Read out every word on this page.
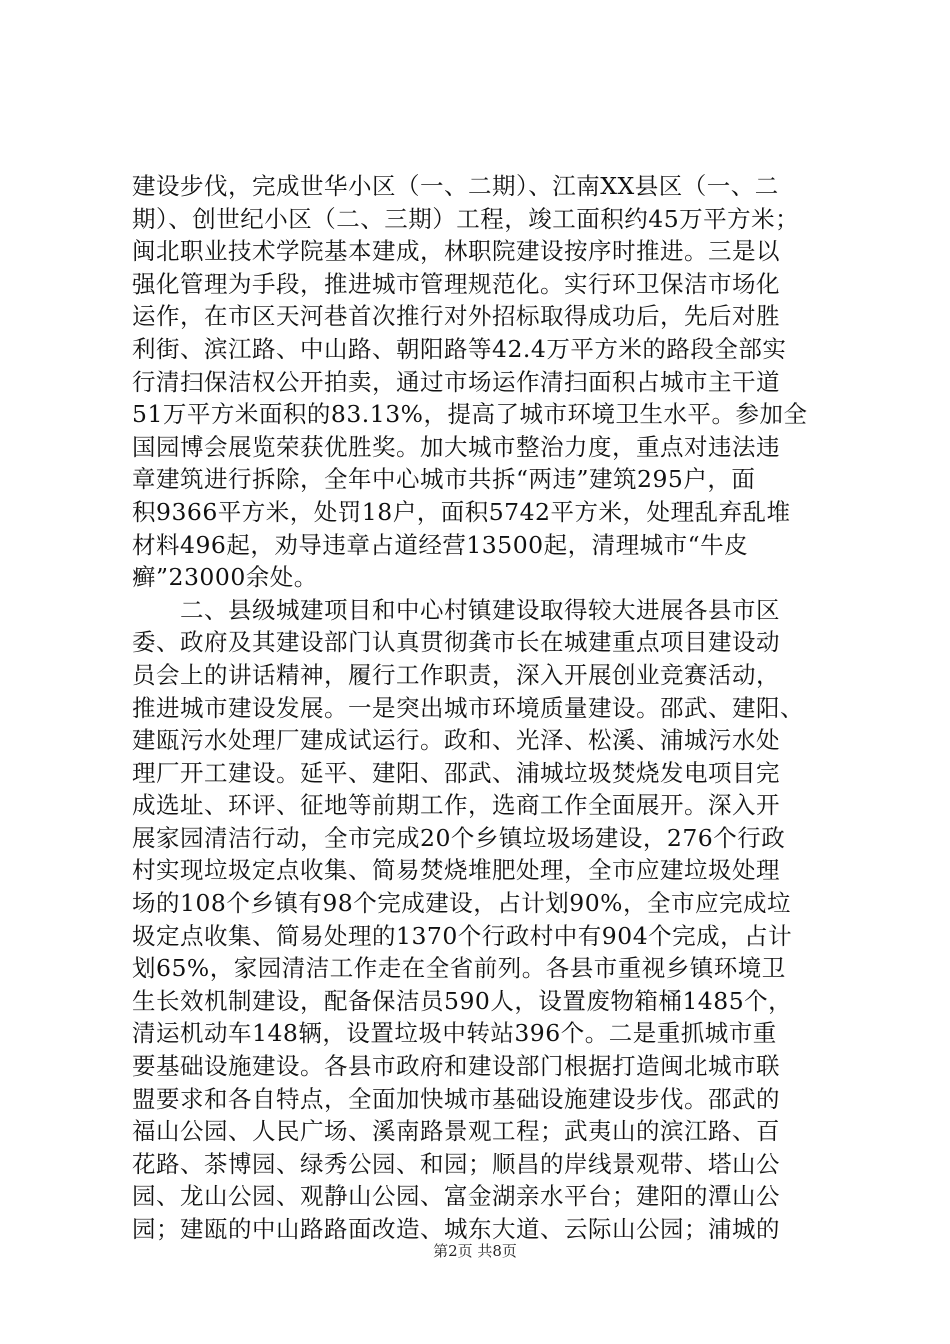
建设步伐，完成世华小区（一、二期）、江南XX县区（一、二
期）、创世纪小区（二、三期）工程，竣工面积约45万平方米；
闽北职业技术学院基本建成，林职院建设按序时推进。三是以
强化管理为手段，推进城市管理规范化。实行环卫保洁市场化
运作，在市区天河巷首次推行对外招标取得成功后，先后对胜
利街、滨江路、中山路、朝阳路等42.4万平方米的路段全部实
行清扫保洁权公开拍卖，通过市场运作清扫面积占城市主干道
51万平方米面积的83.13%，提高了城市环境卫生水平。参加全
国园博会展览荣获优胜奖。加大城市整治力度，重点对违法违
章建筑进行拆除，全年中心城市共拆“两违”建筑295户，面
积9366平方米，处罚18户，面积5742平方米，处理乱弃乱堆
材料496起，劝导违章占道经营13500起，清理城市“牛皮
癣”23000余处。
　　二、县级城建项目和中心村镇建设取得较大进展各县市区
委、政府及其建设部门认真贯彻龚市长在城建重点项目建设动
员会上的讲话精神，履行工作职责，深入开展创业竞赛活动，
推进城市建设发展。一是突出城市环境质量建设。邵武、建阳、
建瓯污水处理厂建成试运行。政和、光泽、松溪、浦城污水处
理厂开工建设。延平、建阳、邵武、浦城垃圾焚烧发电项目完
成选址、环评、征地等前期工作，选商工作全面展开。深入开
展家园清洁行动，全市完成20个乡镇垃圾场建设，276个行政
村实现垃圾定点收集、简易焚烧堆肥处理，全市应建垃圾处理
场的108个乡镇有98个完成建设，占计划90%，全市应完成垃
圾定点收集、简易处理的1370个行政村中有904个完成，占计
划65%，家园清洁工作走在全省前列。各县市重视乡镇环境卫
生长效机制建设，配备保洁员590人，设置废物箱桶1485个，
清运机动车148辆，设置垃圾中转站396个。二是重抓城市重
要基础设施建设。各县市政府和建设部门根据打造闽北城市联
盟要求和各自特点，全面加快城市基础设施建设步伐。邵武的
福山公园、人民广场、溪南路景观工程；武夷山的滨江路、百
花路、茶博园、绿秀公园、和园；顺昌的岸线景观带、塔山公
园、龙山公园、观静山公园、富金湖亲水平台；建阳的潭山公
园；建瓯的中山路路面改造、城东大道、云际山公园；浦城的
第2页 共8页
